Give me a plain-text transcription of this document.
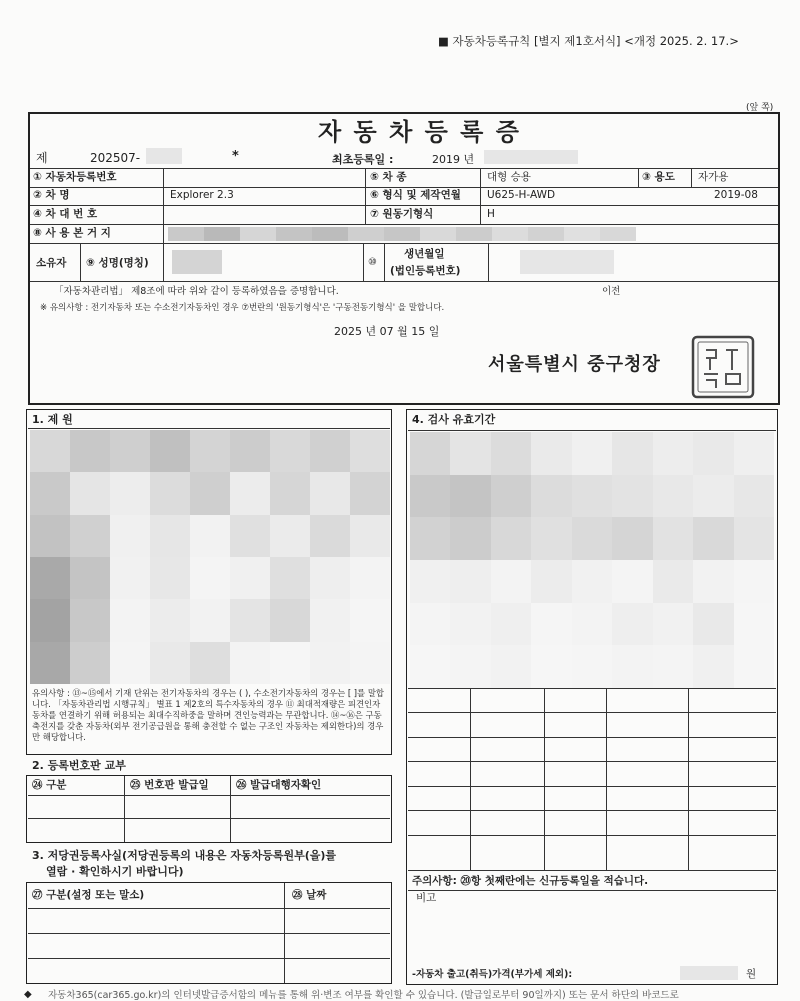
■ 자동차등록규칙 [별지 제1호서식] <개정 2025. 2. 17.>
(앞 쪽)
자 동 차 등 록 증
제	202507-	*	최초등록일 :	2019 년
① 자동차등록번호	⑤ 차 종	대형 승용	③ 용도 자가용
② 차 명	Explorer 2.3	⑥ 형식 및 제작연월 U625-H-AWD	2019-08
④ 차 대 번 호	⑦ 원동기형식	H
⑧ 사 용 본 거 지
소유자 ⑨ 성명(명칭)	⑩
생년월일
(법인등록번호)
「자동차관리법」 제8조에 따라 위와 같이 등록하였음을 증명합니다.	이전
※ 유의사항 : 전기자동차 또는 수소전기자동차인 경우 ⑦번란의 '원동기형식'은 '구동전동기형식' 을 말합니다.
2025 년 07 월 15 일
서울특별시 중구청장
1. 제 원
유의사항 : ⑬~⑮에서 기재 단위는 전기자동차의 경우는 ( ), 수소전기자동차의 경우는 [ ]를 말합니다. 「자동차관리법 시행규칙」 별표 1 제2호의 특수자동차의 경우 ⑪ 최대적재량은 피견인자동차를 연결하기 위해 허용되는 최대수직하중을 말하며 견인능력과는 무관합니다. ⑭~⑯은 구동축전지를 갖춘 자동차(외부 전기공급원을 통해 충전할 수 없는 구조인 자동차는 제외한다)의 경우만 해당합니다.
2. 등록번호판 교부
㉔ 구분	㉕ 번호판 발급일	㉖ 발급대행자확인
3. 저당권등록사실(저당권등록의 내용은 자동차등록원부(을)를
열람 · 확인하시기 바랍니다)
㉗ 구분(설정 또는 말소)	㉘ 날짜
4. 검사 유효기간
주의사항: ⑳항 첫째란에는 신규등록일을 적습니다.
비고
-자동차 출고(취득)가격(부가세 제외):	원
◆ 자동차365(car365.go.kr)의 인터넷발급증서함의 메뉴를 통해 위·변조 여부를 확인할 수 있습니다. (발급일로부터 90일까지) 또는 문서 하단의 바코드로
